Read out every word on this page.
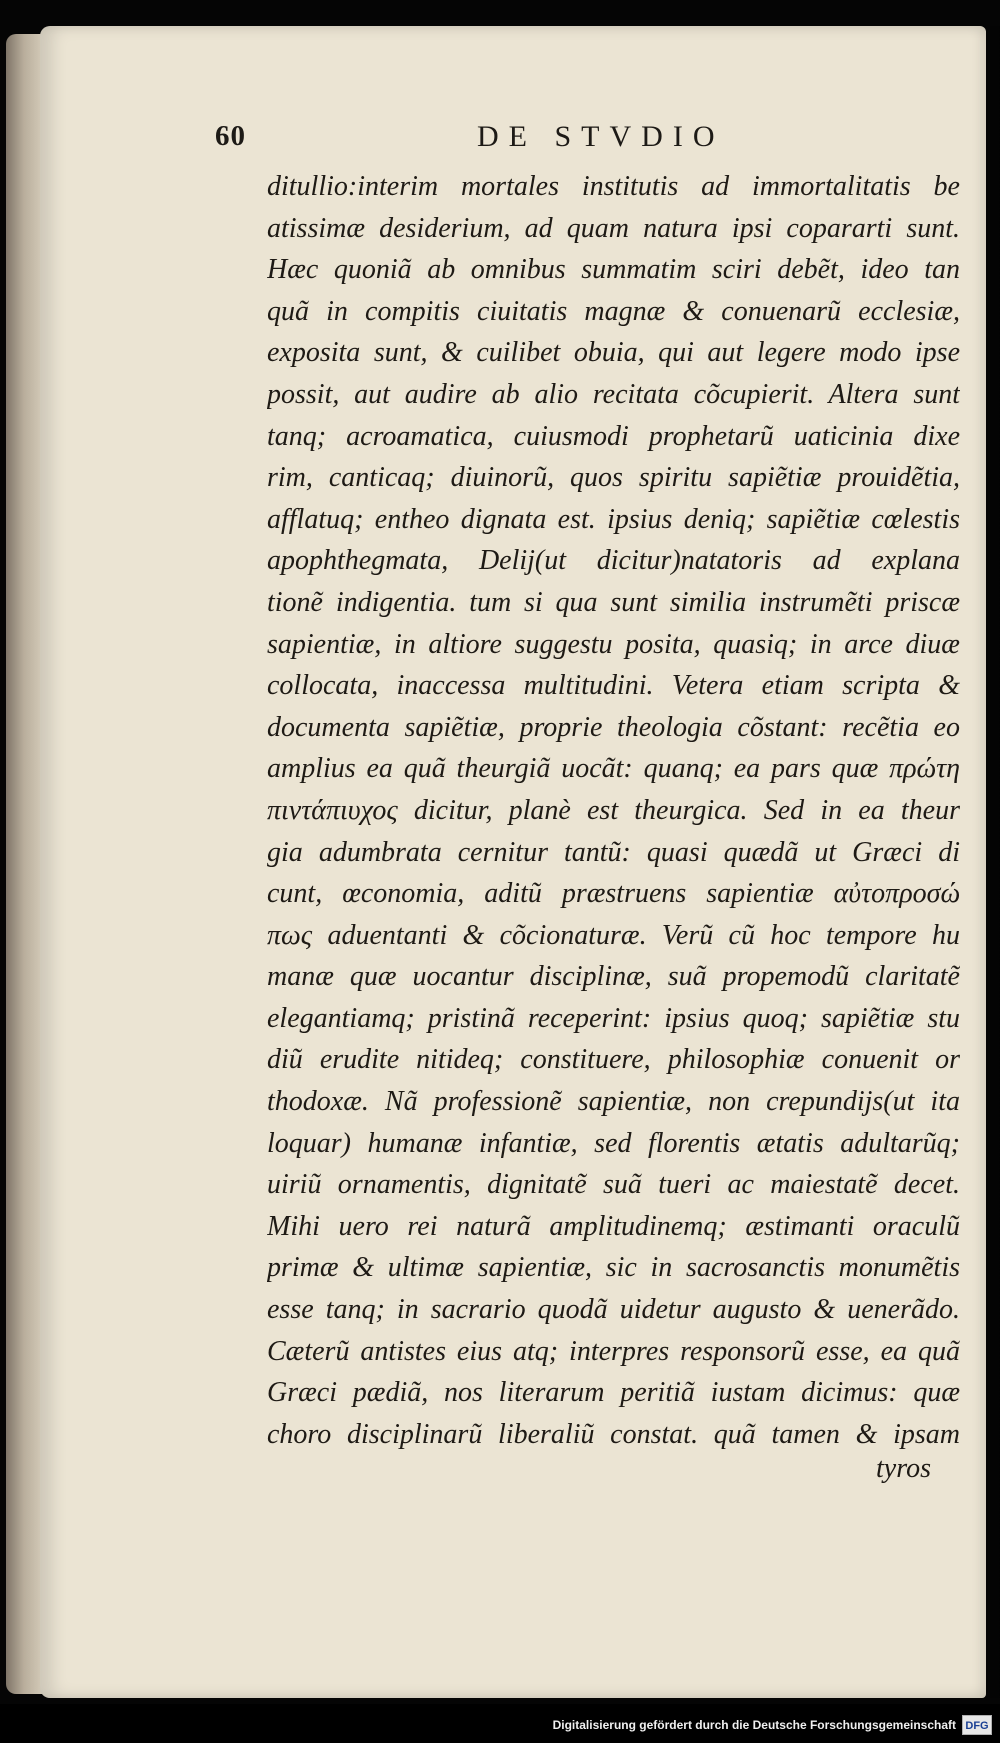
60	DE STVDIO
ditullio:interim mortales institutis ad immortalitatis be
atissimæ desiderium, ad quam natura ipsi copararti sunt.
Hæc quoniã ab omnibus summatim sciri debẽt, ideo tan
quã in compitis ciuitatis magnæ & conuenarũ ecclesiæ,
exposita sunt, & cuilibet obuia, qui aut legere modo ipse
possit, aut audire ab alio recitata cõcupierit. Altera sunt
tanq; acroamatica, cuiusmodi prophetarũ uaticinia dixe
rim, canticaq; diuinorũ, quos spiritu sapiẽtiæ prouidẽtia,
afflatuq; entheo dignata est. ipsius deniq; sapiẽtiæ cœlestis
apophthegmata, Delij(ut dicitur)natatoris ad explana
tionẽ indigentia. tum si qua sunt similia instrumẽti priscæ
sapientiæ, in altiore suggestu posita, quasiq; in arce diuæ
collocata, inaccessa multitudini. Vetera etiam scripta &
documenta sapiẽtiæ, proprie theologia cõstant: recẽtia eo
amplius ea quã theurgiã uocãt: quanq; ea pars quæ πρώτη
πιντάπιυχος dicitur, planè est theurgica. Sed in ea theur
gia adumbrata cernitur tantũ: quasi quædã ut Græci di
cunt, œconomia, aditũ præstruens sapientiæ αὐτοπροσώ
πως aduentanti & cõcionaturæ. Verũ cũ hoc tempore hu
manæ quæ uocantur disciplinæ, suã propemodũ claritatẽ
elegantiamq; pristinã receperint: ipsius quoq; sapiẽtiæ stu
diũ erudite nitideq; constituere, philosophiæ conuenit or
thodoxæ. Nã professionẽ sapientiæ, non crepundijs(ut ita
loquar) humanæ infantiæ, sed florentis ætatis adultarũq;
uiriũ ornamentis, dignitatẽ suã tueri ac maiestatẽ decet.
Mihi uero rei naturã amplitudinemq; æstimanti oraculũ
primæ & ultimæ sapientiæ, sic in sacrosanctis monumẽtis
esse tanq; in sacrario quodã uidetur augusto & uenerãdo.
Cæterũ antistes eius atq; interpres responsorũ esse, ea quã
Græci pædiã, nos literarum peritiã iustam dicimus: quæ
choro disciplinarũ liberaliũ constat. quã tamen & ipsam
tyros
Digitalisierung gefördert durch die Deutsche Forschungsgemeinschaft DFG
